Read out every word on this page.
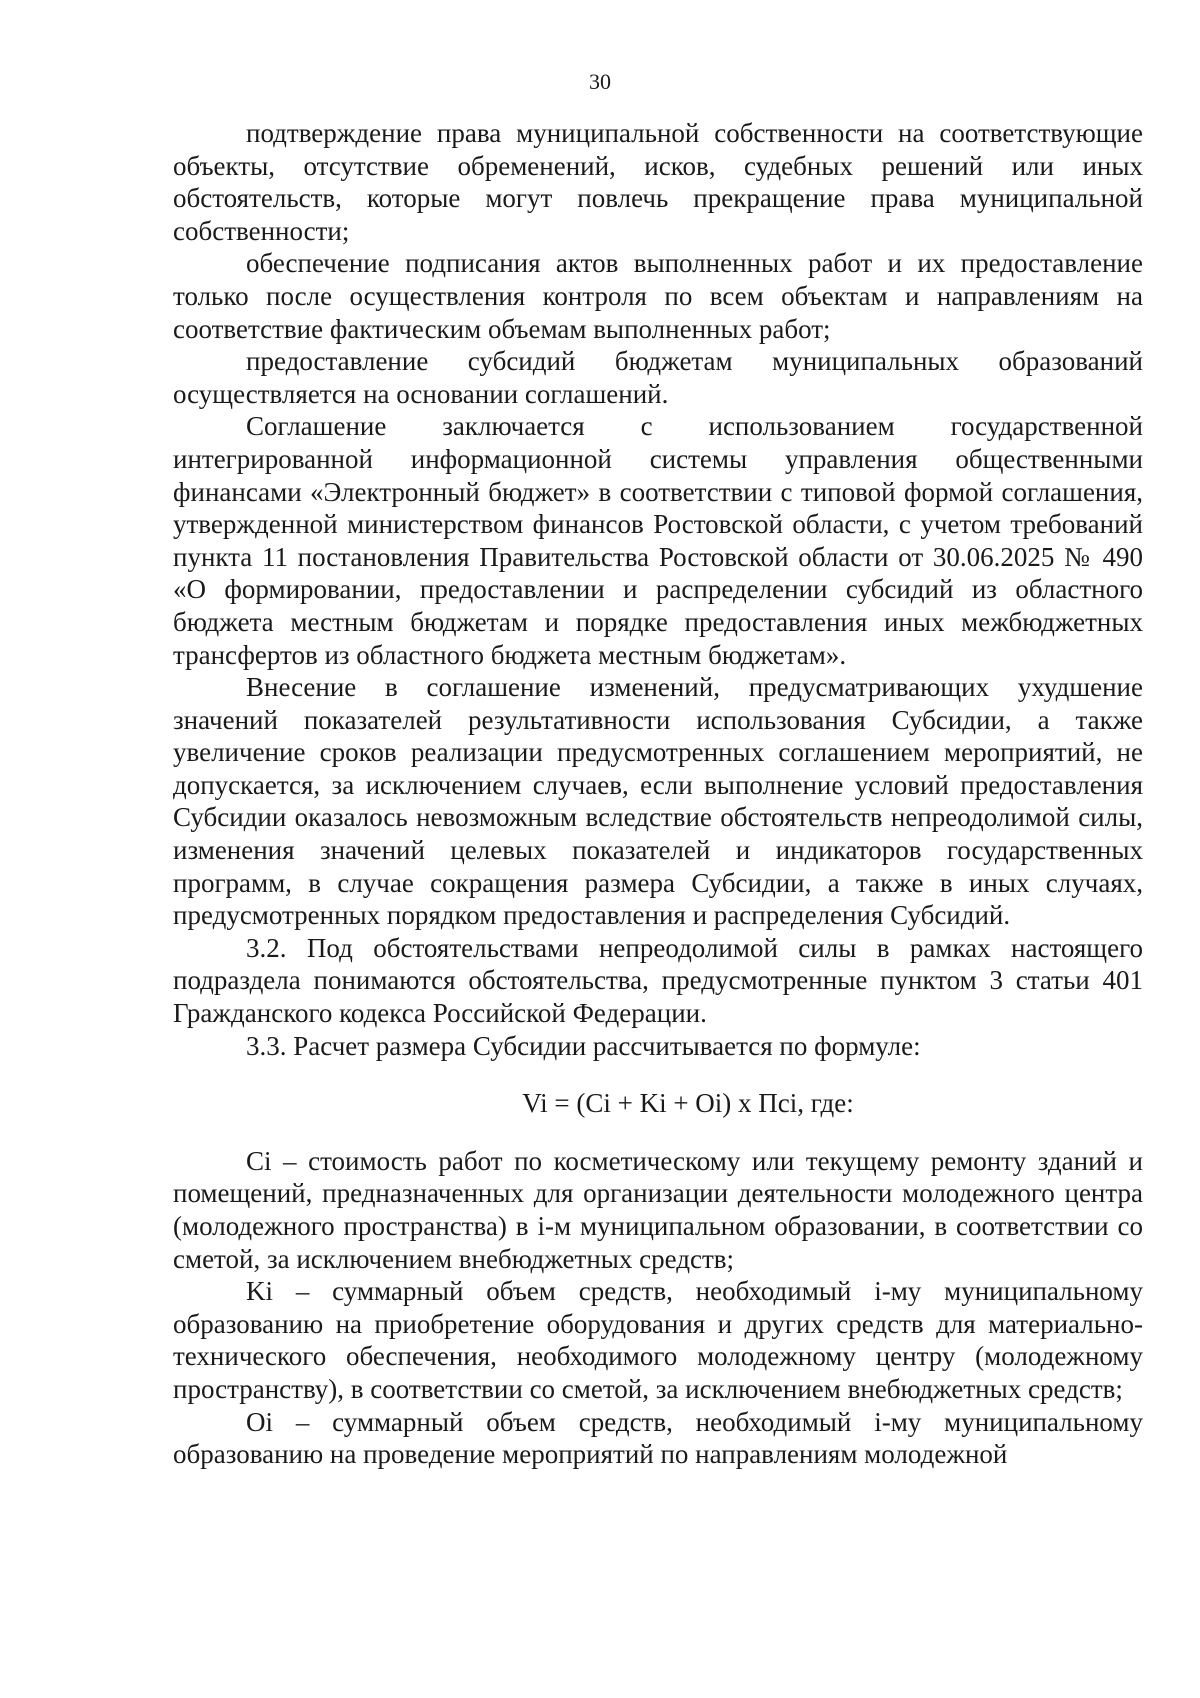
30

подтверждение права муниципальной собственности на соответствующие объекты, отсутствие обременений, исков, судебных решений или иных обстоятельств, которые могут повлечь прекращение права муниципальной собственности;

обеспечение подписания актов выполненных работ и их предоставление только после осуществления контроля по всем объектам и направлениям на соответствие фактическим объемам выполненных работ;

предоставление субсидий бюджетам муниципальных образований осуществляется на основании соглашений.

Соглашение заключается с использованием государственной интегрированной информационной системы управления общественными финансами «Электронный бюджет» в соответствии с типовой формой соглашения, утвержденной министерством финансов Ростовской области, с учетом требований пункта 11 постановления Правительства Ростовской области от 30.06.2025 № 490 «О формировании, предоставлении и распределении субсидий из областного бюджета местным бюджетам и порядке предоставления иных межбюджетных трансфертов из областного бюджета местным бюджетам».

Внесение в соглашение изменений, предусматривающих ухудшение значений показателей результативности использования Субсидии, а также увеличение сроков реализации предусмотренных соглашением мероприятий, не допускается, за исключением случаев, если выполнение условий предоставления Субсидии оказалось невозможным вследствие обстоятельств непреодолимой силы, изменения значений целевых показателей и индикаторов государственных программ, в случае сокращения размера Субсидии, а также в иных случаях, предусмотренных порядком предоставления и распределения Субсидий.

3.2. Под обстоятельствами непреодолимой силы в рамках настоящего подраздела понимаются обстоятельства, предусмотренные пунктом 3 статьи 401 Гражданского кодекса Российской Федерации.

3.3. Расчет размера Субсидии рассчитывается по формуле:

Vi = (Ci + Ki + Oi) x Пci, где:

Ci – стоимость работ по косметическому или текущему ремонту зданий и помещений, предназначенных для организации деятельности молодежного центра (молодежного пространства) в i-м муниципальном образовании, в соответствии со сметой, за исключением внебюджетных средств;

Ki – суммарный объем средств, необходимый i-му муниципальному образованию на приобретение оборудования и других средств для материально-технического обеспечения, необходимого молодежному центру (молодежному пространству), в соответствии со сметой, за исключением внебюджетных средств;

Oi – суммарный объем средств, необходимый i-му муниципальному образованию на проведение мероприятий по направлениям молодежной
